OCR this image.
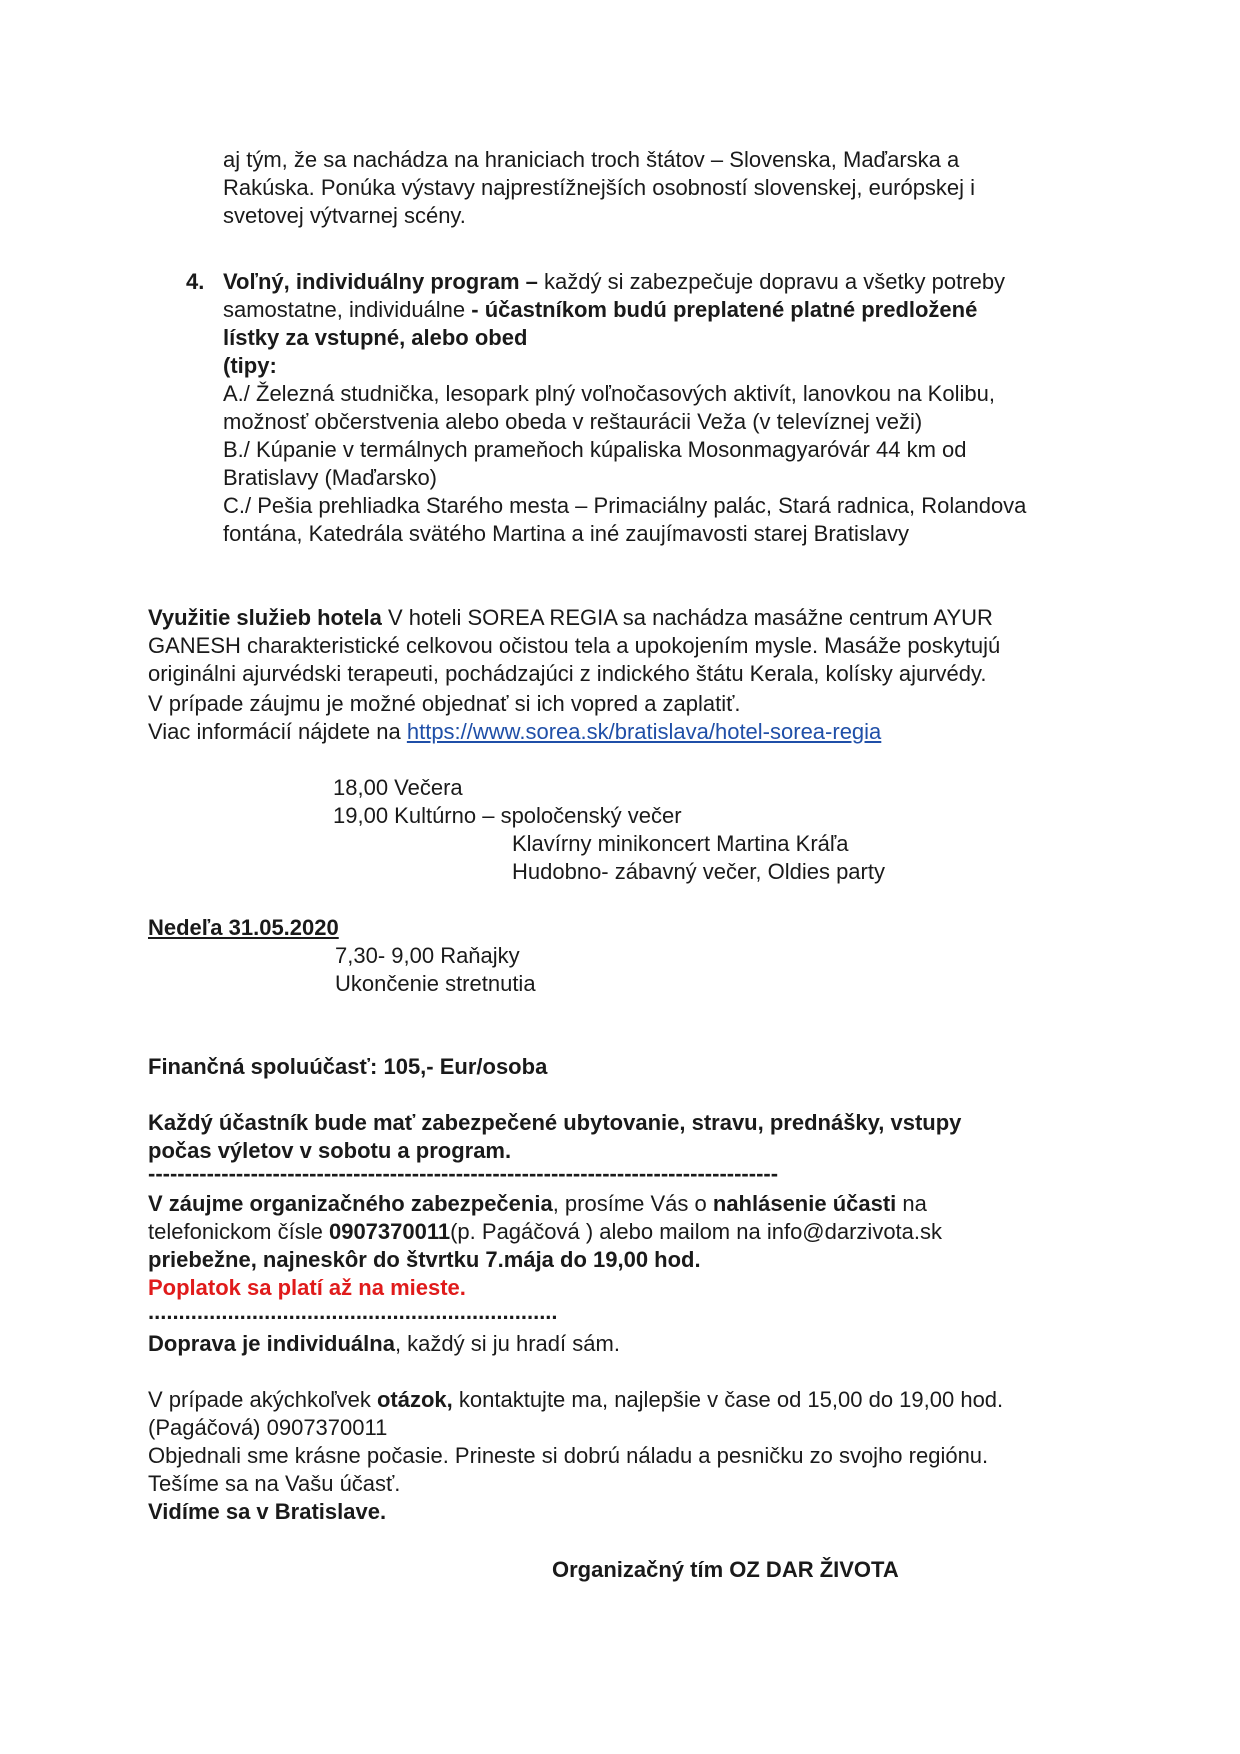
aj tým, že sa nachádza na hraniciach troch štátov – Slovenska, Maďarska a
Rakúska. Ponúka výstavy najprestížnejších osobností slovenskej, európskej i
svetovej výtvarnej scény.
4. Voľný, individuálny program – každý si zabezpečuje dopravu a všetky potreby
samostatne, individuálne - účastníkom budú preplatené platné predložené
lístky za vstupné, alebo obed
(tipy:
A./ Železná studnička, lesopark plný voľnočasových aktivít, lanovkou na Kolibu,
možnosť občerstvenia alebo obeda v reštaurácii Veža (v televíznej veži)
B./ Kúpanie v termálnych prameňoch kúpaliska Mosonmagyaróvár 44 km od
Bratislavy (Maďarsko)
C./ Pešia prehliadka Starého mesta – Primaciálny palác, Stará radnica, Rolandova
fontána, Katedrála svätého Martina a iné zaujímavosti starej Bratislavy
Využitie služieb hotela V hoteli SOREA REGIA sa nachádza masážne centrum AYUR
GANESH charakteristické celkovou očistou tela a upokojením mysle. Masáže poskytujú
originálni ajurvédski terapeuti, pochádzajúci z indického štátu Kerala, kolísky ajurvédy.
V prípade záujmu je možné objednať si ich vopred a zaplatiť.
Viac informácií nájdete na https://www.sorea.sk/bratislava/hotel-sorea-regia
18,00 Večera
19,00 Kultúrno – spoločenský večer
Klavírny minikoncert Martina Kráľa
Hudobno- zábavný večer, Oldies party
Nedeľa 31.05.2020
7,30- 9,00 Raňajky
Ukončenie stretnutia
Finančná spoluúčasť: 105,- Eur/osoba
Každý účastník bude mať zabezpečené ubytovanie, stravu, prednášky, vstupy
počas výletov v sobotu a program.
--------------------------------------------------------------------------------------
V záujme organizačného zabezpečenia, prosíme Vás o nahlásenie účasti na
telefonickom čísle 0907370011(p. Pagáčová ) alebo mailom na info@darzivota.sk
priebežne, najneskôr do štvrtku 7.mája do 19,00 hod.
Poplatok sa platí až na mieste.
...................................................................
Doprava je individuálna, každý si ju hradí sám.
V prípade akýchkoľvek otázok, kontaktujte ma, najlepšie v čase od 15,00 do 19,00 hod.
(Pagáčová) 0907370011
Objednali sme krásne počasie. Prineste si dobrú náladu a pesničku zo svojho regiónu.
Tešíme sa na Vašu účasť.
Vidíme sa v Bratislave.
Organizačný tím OZ DAR ŽIVOTA
